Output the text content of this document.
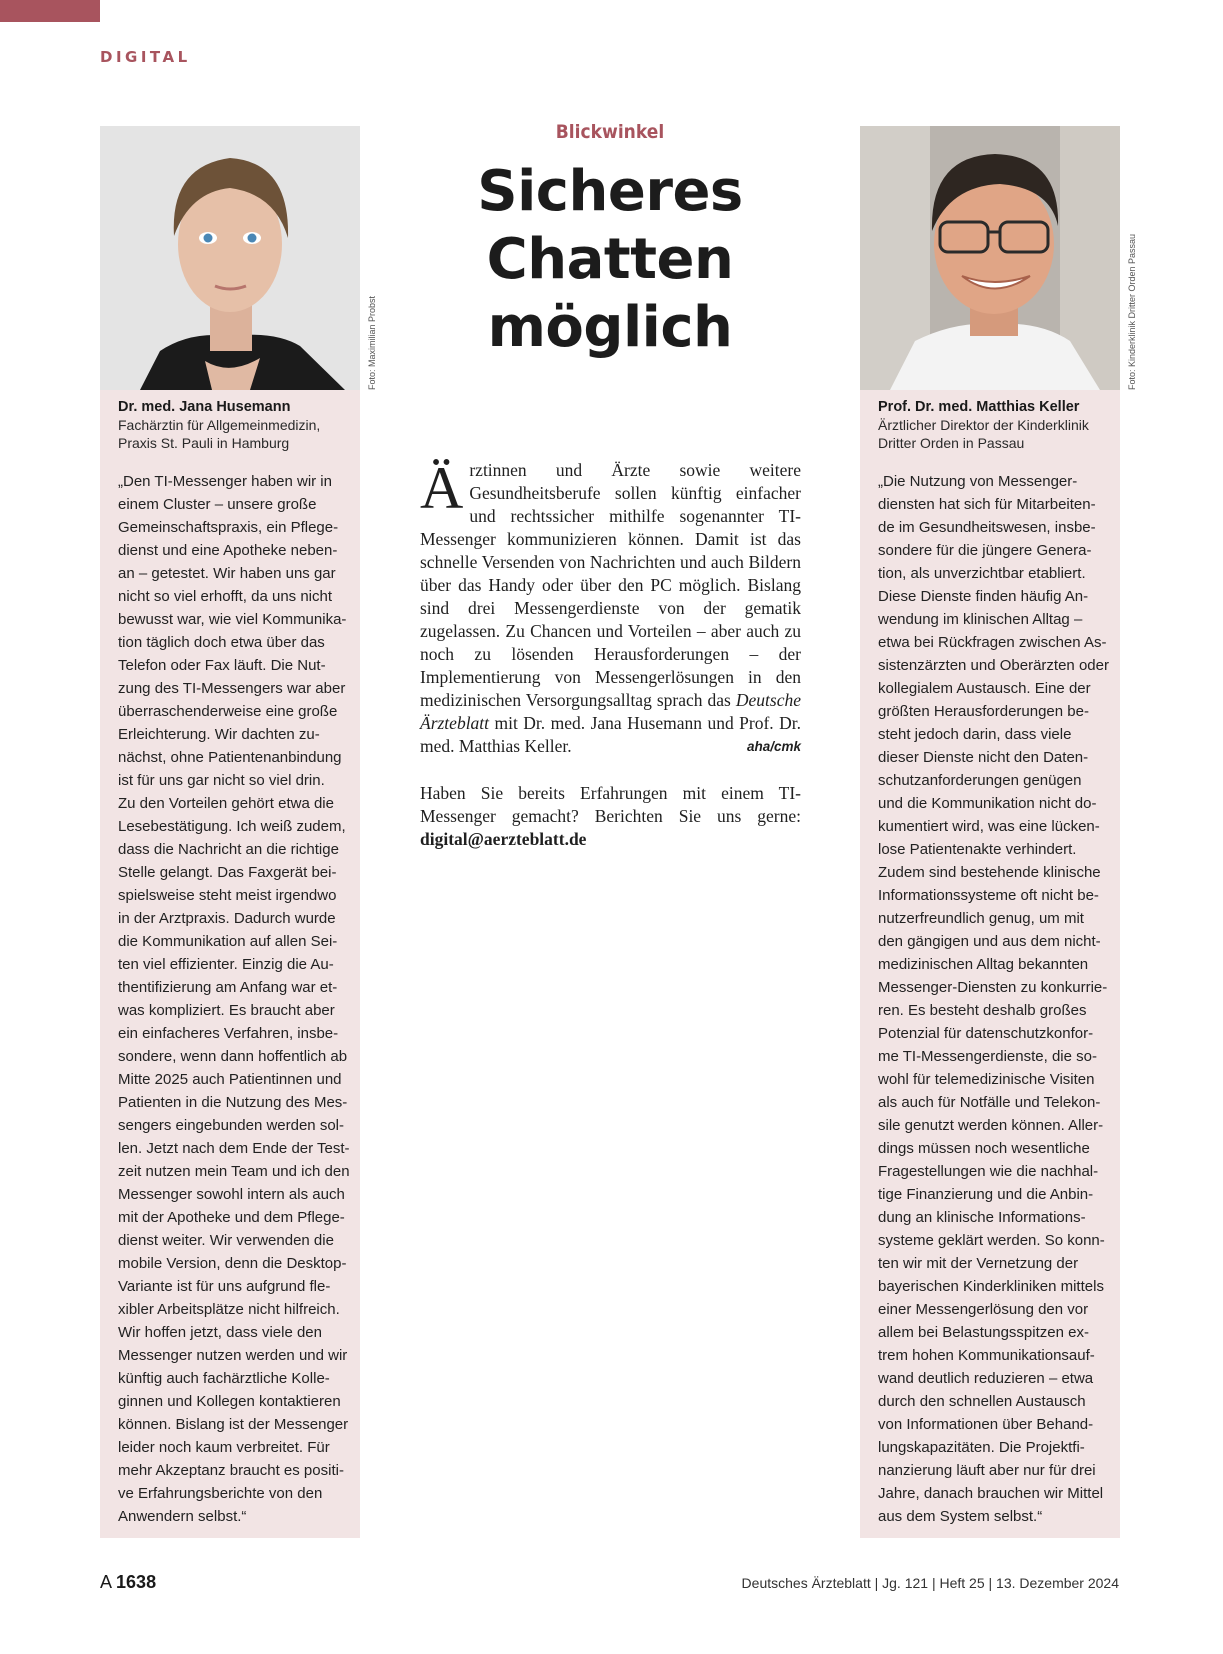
DIGITAL
Dr. med. Jana Husemann
Fachärztin für Allgemeinmedizin,
Praxis St. Pauli in Hamburg
„Den TI-Messenger haben wir in
einem Cluster – unsere große
Gemeinschaftspraxis, ein Pflege-
dienst und eine Apotheke neben-
an – getestet. Wir haben uns gar
nicht so viel erhofft, da uns nicht
bewusst war, wie viel Kommunika-
tion täglich doch etwa über das
Telefon oder Fax läuft. Die Nut-
zung des TI-Messengers war aber
überraschenderweise eine große
Erleichterung. Wir dachten zu-
nächst, ohne Patientenanbindung
ist für uns gar nicht so viel drin.
Zu den Vorteilen gehört etwa die
Lesebestätigung. Ich weiß zudem,
dass die Nachricht an die richtige
Stelle gelangt. Das Faxgerät bei-
spielsweise steht meist irgendwo
in der Arztpraxis. Dadurch wurde
die Kommunikation auf allen Sei-
ten viel effizienter. Einzig die Au-
thentifizierung am Anfang war et-
was kompliziert. Es braucht aber
ein einfacheres Verfahren, insbe-
sondere, wenn dann hoffentlich ab
Mitte 2025 auch Patientinnen und
Patienten in die Nutzung des Mes-
sengers eingebunden werden sol-
len. Jetzt nach dem Ende der Test-
zeit nutzen mein Team und ich den
Messenger sowohl intern als auch
mit der Apotheke und dem Pflege-
dienst weiter. Wir verwenden die
mobile Version, denn die Desktop-
Variante ist für uns aufgrund fle-
xibler Arbeitsplätze nicht hilfreich.
Wir hoffen jetzt, dass viele den
Messenger nutzen werden und wir
künftig auch fachärztliche Kolle-
ginnen und Kollegen kontaktieren
können. Bislang ist der Messenger
leider noch kaum verbreitet. Für
mehr Akzeptanz braucht es positi-
ve Erfahrungsberichte von den
Anwendern selbst.“
Foto: Maximilian Probst
Blickwinkel
Sicheres
Chatten
möglich
Ärztinnen und Ärzte sowie weitere Gesundheitsberufe sollen künftig einfacher und rechtssicher mithilfe sogenannter TI-Messenger kommunizieren können. Damit ist das schnelle Versenden von Nachrichten und auch Bildern über das Handy oder über den PC möglich. Bislang sind drei Messengerdienste von der gematik zugelassen. Zu Chancen und Vorteilen – aber auch zu noch zu lösenden Herausforderungen – der Implementierung von Messengerlösungen in den medizinischen Versorgungsalltag sprach das Deutsche Ärzteblatt mit Dr. med. Jana Husemann und Prof. Dr. med. Matthias Keller.	aha/cmk
Haben Sie bereits Erfahrungen mit einem TI-Messenger gemacht? Berichten Sie uns gerne: digital@aerzteblatt.de
Prof. Dr. med. Matthias Keller
Ärztlicher Direktor der Kinderklinik
Dritter Orden in Passau
„Die Nutzung von Messenger-
diensten hat sich für Mitarbeiten-
de im Gesundheitswesen, insbe-
sondere für die jüngere Genera-
tion, als unverzichtbar etabliert.
Diese Dienste finden häufig An-
wendung im klinischen Alltag –
etwa bei Rückfragen zwischen As-
sistenzärzten und Oberärzten oder
kollegialem Austausch. Eine der
größten Herausforderungen be-
steht jedoch darin, dass viele
dieser Dienste nicht den Daten-
schutzanforderungen genügen
und die Kommunikation nicht do-
kumentiert wird, was eine lücken-
lose Patientenakte verhindert.
Zudem sind bestehende klinische
Informationssysteme oft nicht be-
nutzerfreundlich genug, um mit
den gängigen und aus dem nicht-
medizinischen Alltag bekannten
Messenger-Diensten zu konkurrie-
ren. Es besteht deshalb großes
Potenzial für datenschutzkonfor-
me TI-Messengerdienste, die so-
wohl für telemedizinische Visiten
als auch für Notfälle und Telekon-
sile genutzt werden können. Aller-
dings müssen noch wesentliche
Fragestellungen wie die nachhal-
tige Finanzierung und die Anbin-
dung an klinische Informations-
systeme geklärt werden. So konn-
ten wir mit der Vernetzung der
bayerischen Kinderkliniken mittels
einer Messengerlösung den vor
allem bei Belastungsspitzen ex-
trem hohen Kommunikationsauf-
wand deutlich reduzieren – etwa
durch den schnellen Austausch
von Informationen über Behand-
lungskapazitäten. Die Projektfi-
nanzierung läuft aber nur für drei
Jahre, danach brauchen wir Mittel
aus dem System selbst.“
Foto: Kinderklinik Dritter Orden Passau
A 1638	Deutsches Ärzteblatt | Jg. 121 | Heft 25 | 13. Dezember 2024
